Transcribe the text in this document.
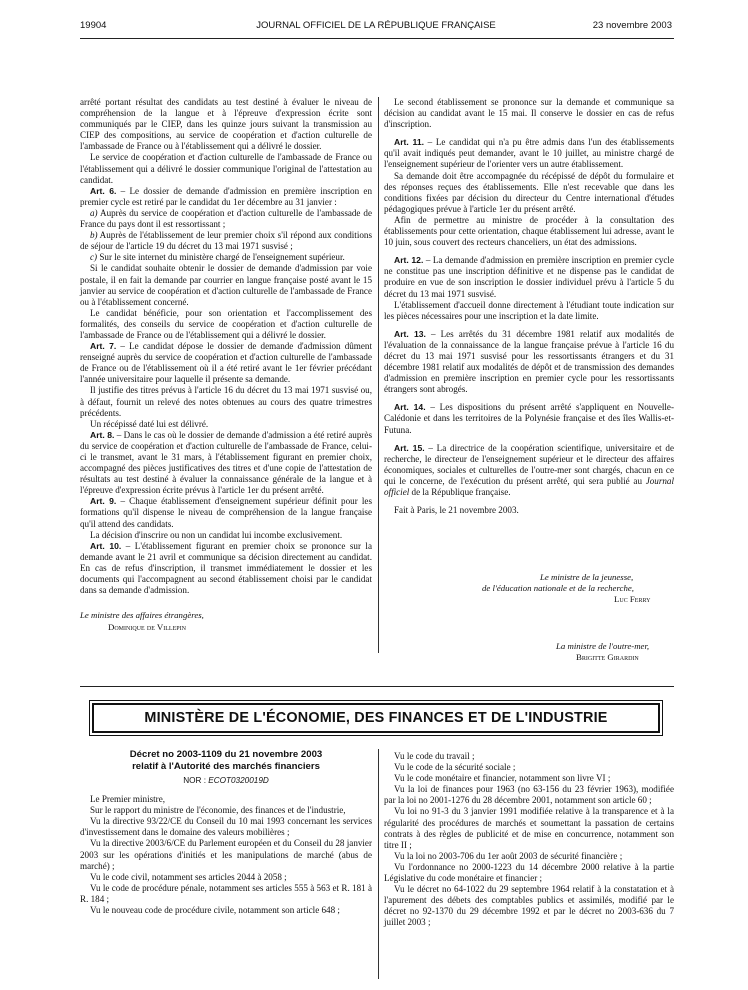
19904	JOURNAL OFFICIEL DE LA RÉPUBLIQUE FRANÇAISE	23 novembre 2003

arrêté portant résultat des candidats au test destiné à évaluer le niveau de compréhension de la langue et à l'épreuve d'expression écrite sont communiqués par le CIEP, dans les quinze jours suivant la transmission au CIEP des compositions, au service de coopération et d'action culturelle de l'ambassade de France ou à l'établissement qui a délivré le dossier.

Le service de coopération et d'action culturelle de l'ambassade de France ou l'établissement qui a délivré le dossier communique l'original de l'attestation au candidat.

Art. 6. – Le dossier de demande d'admission en première inscription en premier cycle est retiré par le candidat du 1er décembre au 31 janvier :

a) Auprès du service de coopération et d'action culturelle de l'ambassade de France du pays dont il est ressortissant ;

b) Auprès de l'établissement de leur premier choix s'il répond aux conditions de séjour de l'article 19 du décret du 13 mai 1971 susvisé ;

c) Sur le site internet du ministère chargé de l'enseignement supérieur.

Si le candidat souhaite obtenir le dossier de demande d'admission par voie postale, il en fait la demande par courrier en langue française posté avant le 15 janvier au service de coopération et d'action culturelle de l'ambassade de France ou à l'établissement concerné.

Le candidat bénéficie, pour son orientation et l'accomplissement des formalités, des conseils du service de coopération et d'action culturelle de l'ambassade de France ou de l'établissement qui a délivré le dossier.

Art. 7. – Le candidat dépose le dossier de demande d'admission dûment renseigné auprès du service de coopération et d'action culturelle de l'ambassade de France ou de l'établissement où il a été retiré avant le 1er février précédant l'année universitaire pour laquelle il présente sa demande.

Il justifie des titres prévus à l'article 16 du décret du 13 mai 1971 susvisé ou, à défaut, fournit un relevé des notes obtenues au cours des quatre trimestres précédents.

Un récépissé daté lui est délivré.

Art. 8. – Dans le cas où le dossier de demande d'admission a été retiré auprès du service de coopération et d'action culturelle de l'ambassade de France, celui-ci le transmet, avant le 31 mars, à l'établissement figurant en premier choix, accompagné des pièces justificatives des titres et d'une copie de l'attestation de résultats au test destiné à évaluer la connaissance générale de la langue et à l'épreuve d'expression écrite prévus à l'article 1er du présent arrêté.

Art. 9. – Chaque établissement d'enseignement supérieur définit pour les formations qu'il dispense le niveau de compréhension de la langue française qu'il attend des candidats.

La décision d'inscrire ou non un candidat lui incombe exclusivement.

Art. 10. – L'établissement figurant en premier choix se prononce sur la demande avant le 21 avril et communique sa décision directement au candidat. En cas de refus d'inscription, il transmet immédiatement le dossier et les documents qui l'accompagnent au second établissement choisi par le candidat dans sa demande d'admission.

Le second établissement se prononce sur la demande et communique sa décision au candidat avant le 15 mai. Il conserve le dossier en cas de refus d'inscription.

Art. 11. – Le candidat qui n'a pu être admis dans l'un des établissements qu'il avait indiqués peut demander, avant le 10 juillet, au ministre chargé de l'enseignement supérieur de l'orienter vers un autre établissement.

Sa demande doit être accompagnée du récépissé de dépôt du formulaire et des réponses reçues des établissements. Elle n'est recevable que dans les conditions fixées par décision du directeur du Centre international d'études pédagogiques prévue à l'article 1er du présent arrêté.

Afin de permettre au ministre de procéder à la consultation des établissements pour cette orientation, chaque établissement lui adresse, avant le 10 juin, sous couvert des recteurs chanceliers, un état des admissions.

Art. 12. – La demande d'admission en première inscription en premier cycle ne constitue pas une inscription définitive et ne dispense pas le candidat de produire en vue de son inscription le dossier individuel prévu à l'article 5 du décret du 13 mai 1971 susvisé.

L'établissement d'accueil donne directement à l'étudiant toute indication sur les pièces nécessaires pour une inscription et la date limite.

Art. 13. – Les arrêtés du 31 décembre 1981 relatif aux modalités de l'évaluation de la connaissance de la langue française prévue à l'article 16 du décret du 13 mai 1971 susvisé pour les ressortissants étrangers et du 31 décembre 1981 relatif aux modalités de dépôt et de transmission des demandes d'admission en première inscription en premier cycle pour les ressortissants étrangers sont abrogés.

Art. 14. – Les dispositions du présent arrêté s'appliquent en Nouvelle-Calédonie et dans les territoires de la Polynésie française et des îles Wallis-et-Futuna.

Art. 15. – La directrice de la coopération scientifique, universitaire et de recherche, le directeur de l'enseignement supérieur et le directeur des affaires économiques, sociales et culturelles de l'outre-mer sont chargés, chacun en ce qui le concerne, de l'exécution du présent arrêté, qui sera publié au Journal officiel de la République française.

Fait à Paris, le 21 novembre 2003.

Le ministre de la jeunesse,
de l'éducation nationale et de la recherche,
Luc Ferry
Le ministre des affaires étrangères,
Dominique de Villepin
La ministre de l'outre-mer,
Brigitte Girardin
MINISTÈRE DE L'ÉCONOMIE, DES FINANCES ET DE L'INDUSTRIE
Décret no 2003-1109 du 21 novembre 2003
relatif à l'Autorité des marchés financiers
NOR : ECOT0320019D

Le Premier ministre,

Sur le rapport du ministre de l'économie, des finances et de l'industrie,

Vu la directive 93/22/CE du Conseil du 10 mai 1993 concernant les services d'investissement dans le domaine des valeurs mobilières ;

Vu la directive 2003/6/CE du Parlement européen et du Conseil du 28 janvier 2003 sur les opérations d'initiés et les manipulations de marché (abus de marché) ;

Vu le code civil, notamment ses articles 2044 à 2058 ;

Vu le code de procédure pénale, notamment ses articles 555 à 563 et R. 181 à R. 184 ;

Vu le nouveau code de procédure civile, notamment son article 648 ;

Vu le code du travail ;

Vu le code de la sécurité sociale ;

Vu le code monétaire et financier, notamment son livre VI ;

Vu la loi de finances pour 1963 (no 63-156 du 23 février 1963), modifiée par la loi no 2001-1276 du 28 décembre 2001, notamment son article 60 ;

Vu loi no 91-3 du 3 janvier 1991 modifiée relative à la transparence et à la régularité des procédures de marchés et soumettant la passation de certains contrats à des règles de publicité et de mise en concurrence, notamment son titre II ;

Vu la loi no 2003-706 du 1er août 2003 de sécurité financière ;

Vu l'ordonnance no 2000-1223 du 14 décembre 2000 relative à la partie Législative du code monétaire et financier ;

Vu le décret no 64-1022 du 29 septembre 1964 relatif à la constatation et à l'apurement des débets des comptables publics et assimilés, modifié par le décret no 92-1370 du 29 décembre 1992 et par le décret no 2003-636 du 7 juillet 2003 ;
